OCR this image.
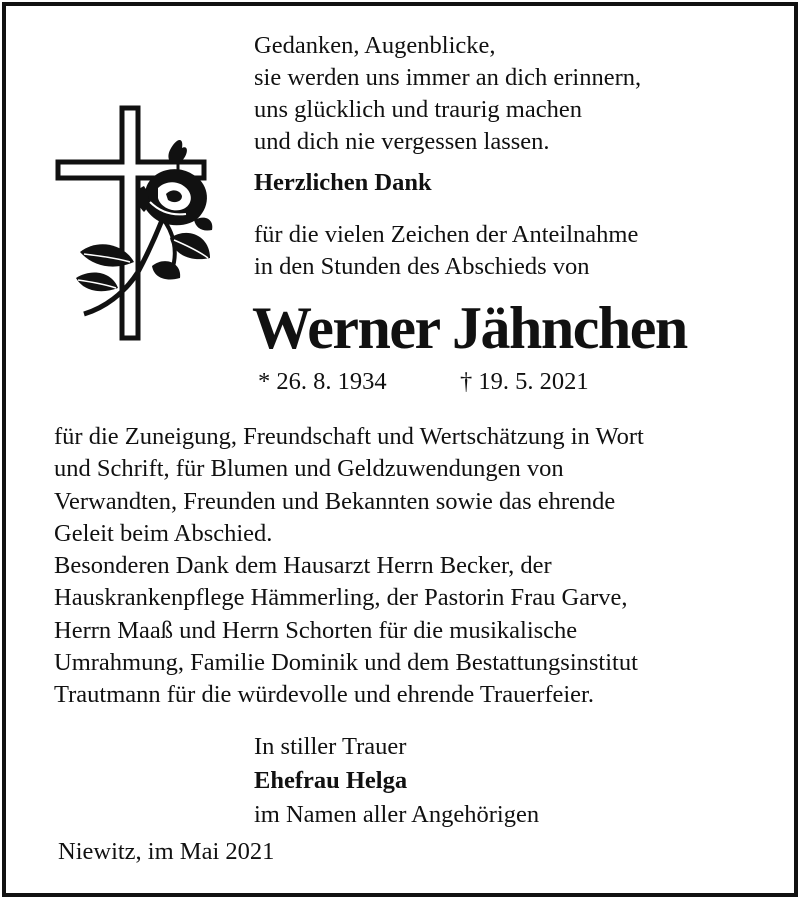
Gedanken, Augenblicke,
sie werden uns immer an dich erinnern,
uns glücklich und traurig machen
und dich nie vergessen lassen.
Herzlichen Dank
für die vielen Zeichen der Anteilnahme
in den Stunden des Abschieds von
Werner Jähnchen
* 26. 8. 1934	† 19. 5. 2021
für die Zuneigung, Freundschaft und Wertschätzung in Wort
und Schrift, für Blumen und Geldzuwendungen von
Verwandten, Freunden und Bekannten sowie das ehrende
Geleit beim Abschied.
Besonderen Dank dem Hausarzt Herrn Becker, der
Hauskrankenpflege Hämmerling, der Pastorin Frau Garve,
Herrn Maaß und Herrn Schorten für die musikalische
Umrahmung, Familie Dominik und dem Bestattungsinstitut
Trautmann für die würdevolle und ehrende Trauerfeier.
In stiller Trauer
Ehefrau Helga
im Namen aller Angehörigen
Niewitz, im Mai 2021
